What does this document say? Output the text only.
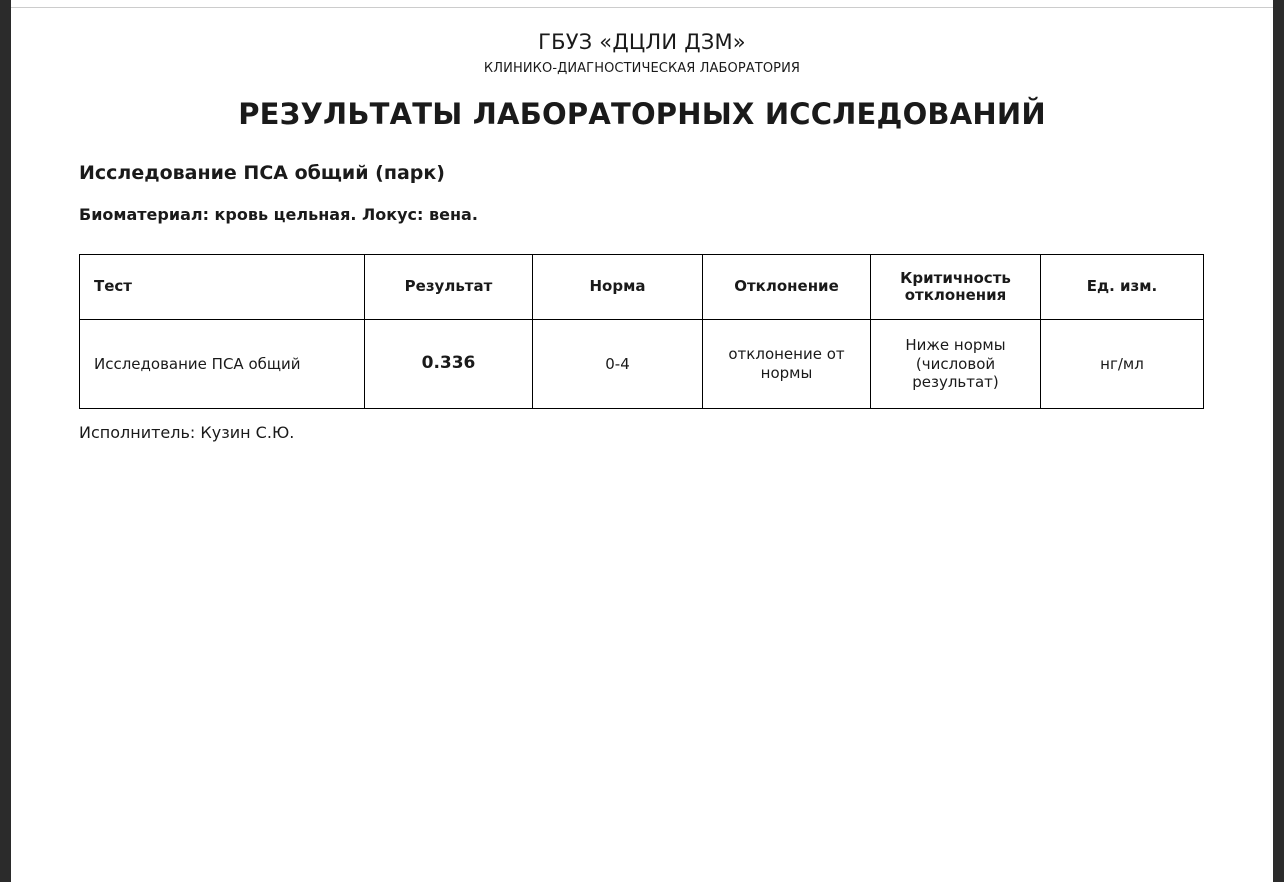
ГБУЗ «ДЦЛИ ДЗМ»
КЛИНИКО-ДИАГНОСТИЧЕСКАЯ ЛАБОРАТОРИЯ
РЕЗУЛЬТАТЫ ЛАБОРАТОРНЫХ ИССЛЕДОВАНИЙ
Исследование ПСА общий (парк)
Биоматериал: кровь цельная. Локус: вена.
Тест	Результат	Норма	Отклонение	Критичность отклонения	Ед. изм.
Исследование ПСА общий	0.336	0-4	отклонение от нормы	Ниже нормы (числовой результат)	нг/мл
Исполнитель: Кузин С.Ю.
